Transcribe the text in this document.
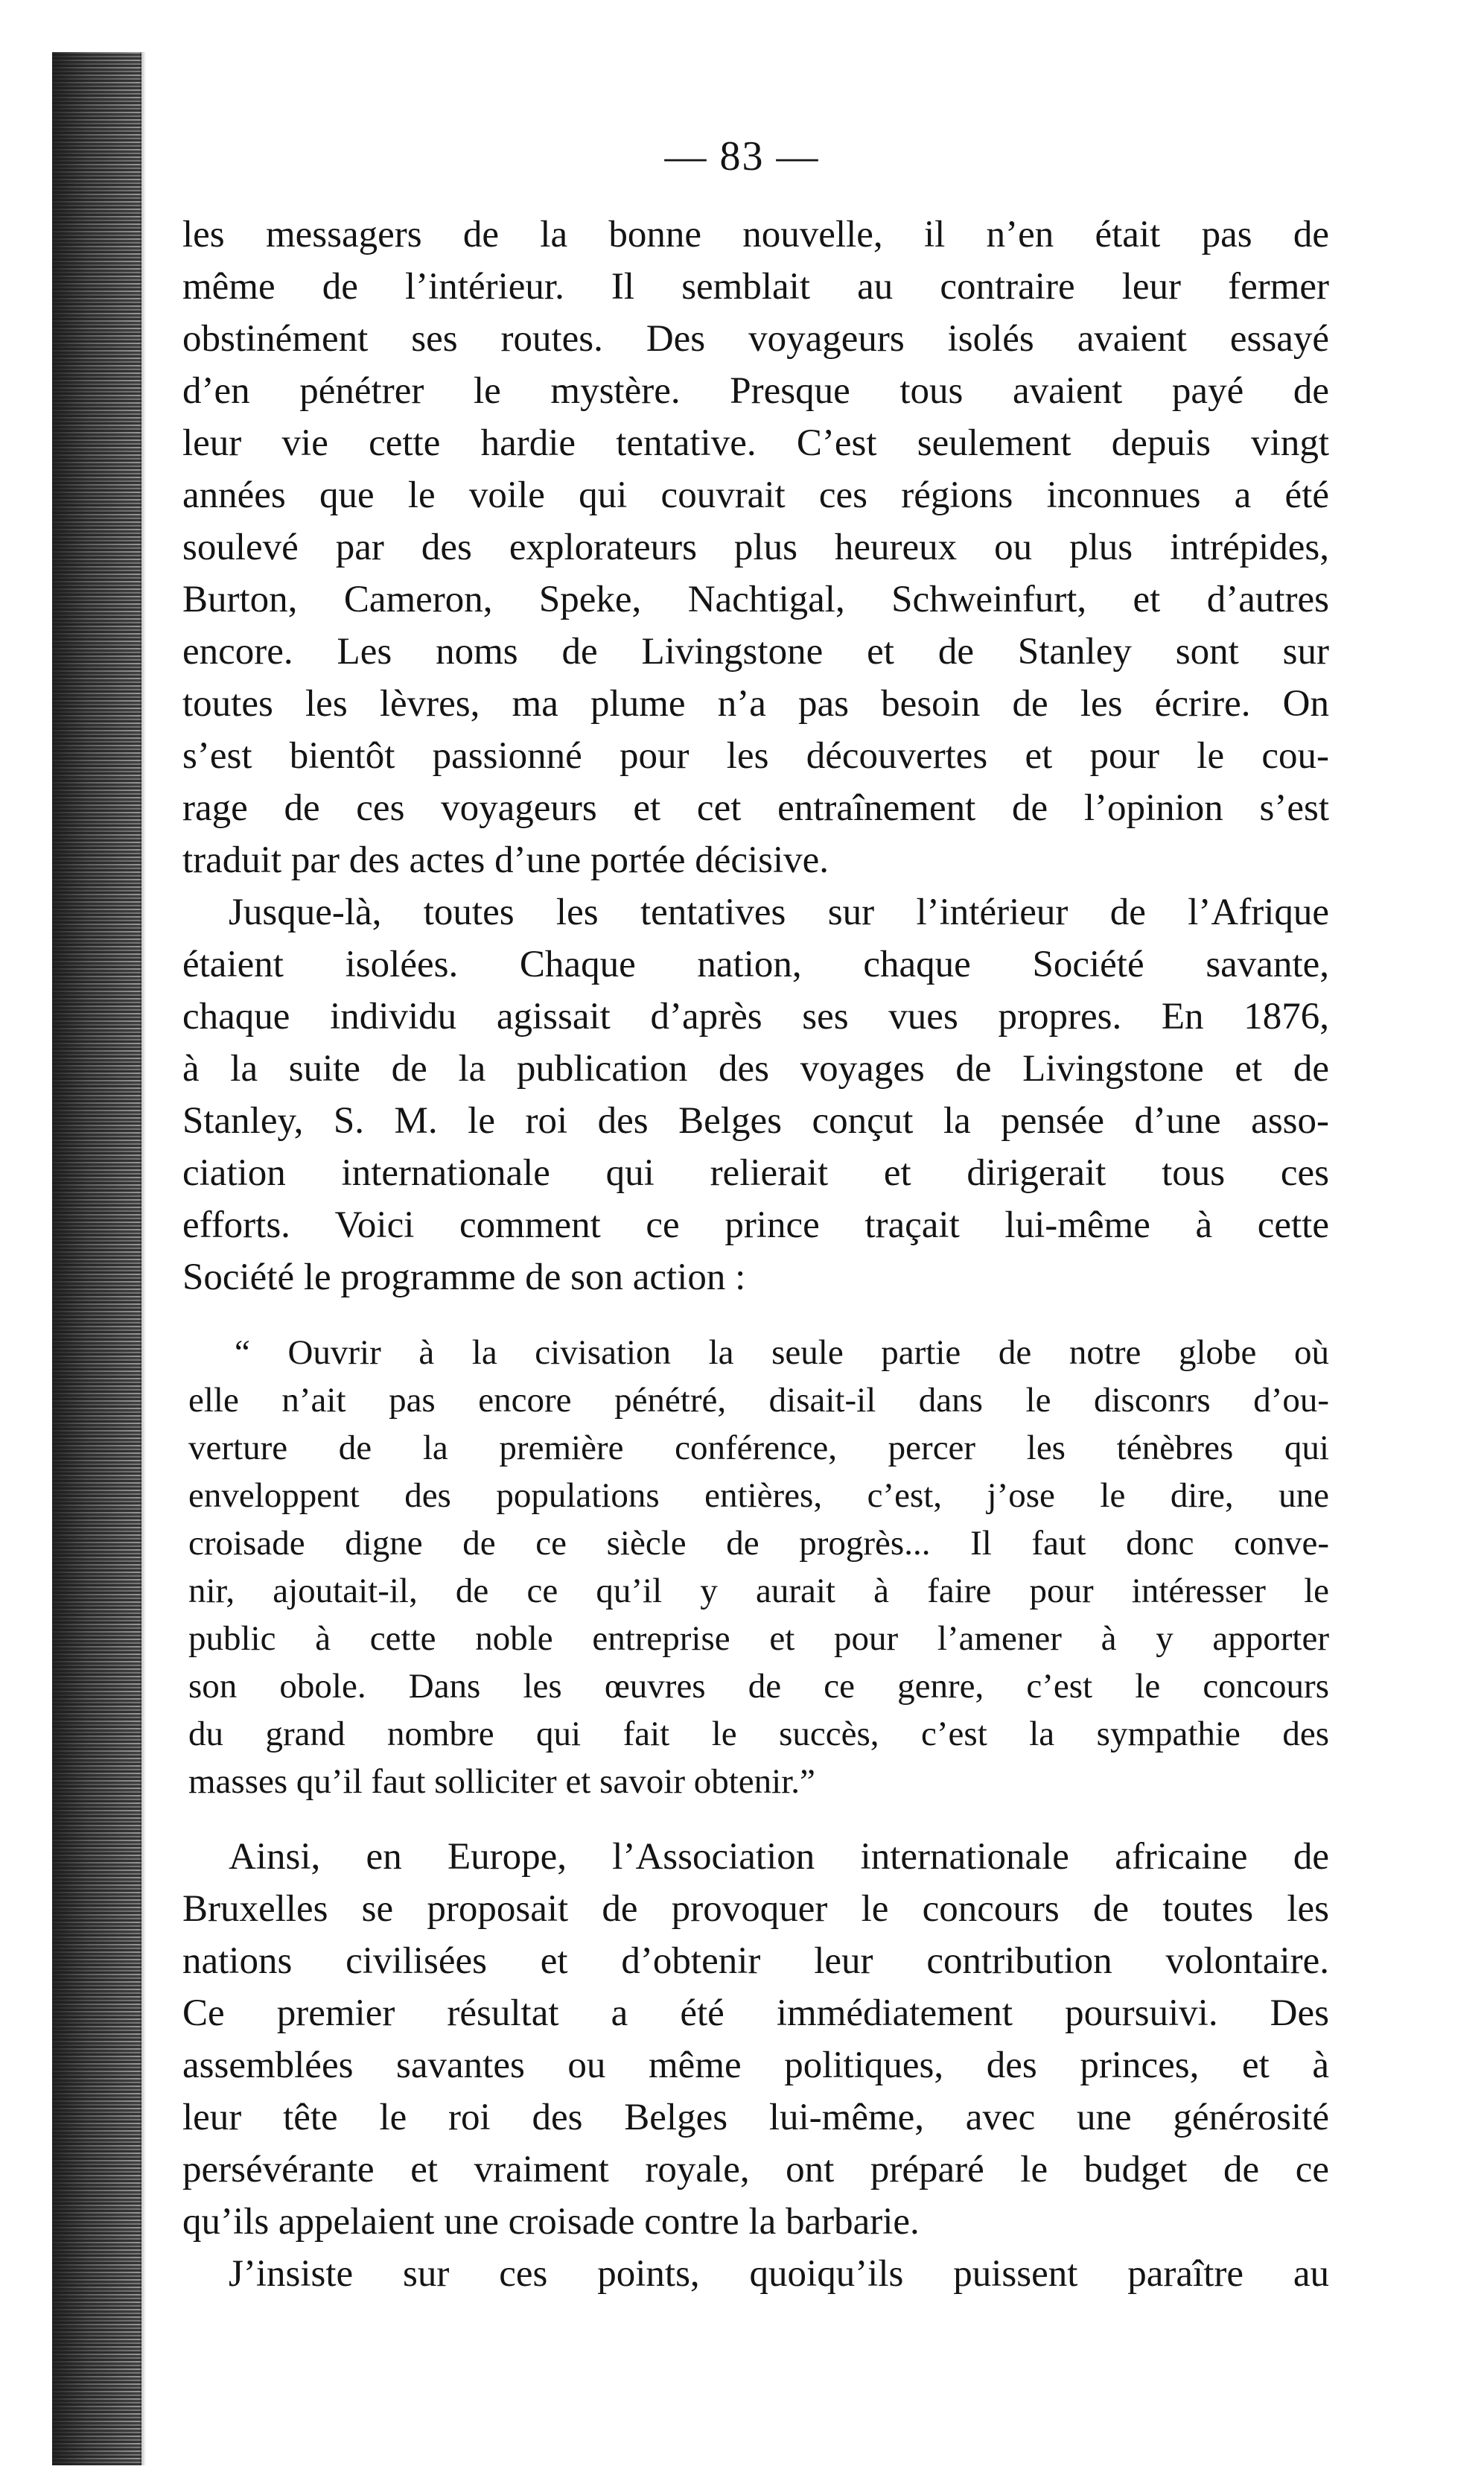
— 83 —
les messagers de la bonne nouvelle, il n’en était pas de
même de l’intérieur. Il semblait au contraire leur fermer
obstinément ses routes. Des voyageurs isolés avaient essayé
d’en pénétrer le mystère. Presque tous avaient payé de
leur vie cette hardie tentative. C’est seulement depuis vingt
années que le voile qui couvrait ces régions inconnues a été
soulevé par des explorateurs plus heureux ou plus intrépides,
Burton, Cameron, Speke, Nachtigal, Schweinfurt, et d’autres
encore. Les noms de Livingstone et de Stanley sont sur
toutes les lèvres, ma plume n’a pas besoin de les écrire. On
s’est bientôt passionné pour les découvertes et pour le cou-
rage de ces voyageurs et cet entraînement de l’opinion s’est
traduit par des actes d’une portée décisive.
Jusque-là, toutes les tentatives sur l’intérieur de l’Afrique
étaient isolées. Chaque nation, chaque Société savante,
chaque individu agissait d’après ses vues propres. En 1876,
à la suite de la publication des voyages de Livingstone et de
Stanley, S. M. le roi des Belges conçut la pensée d’une asso-
ciation internationale qui relierait et dirigerait tous ces
efforts. Voici comment ce prince traçait lui-même à cette
Société le programme de son action :
“ Ouvrir à la civisation la seule partie de notre globe où
elle n’ait pas encore pénétré, disait-il dans le disconrs d’ou-
verture de la première conférence, percer les ténèbres qui
enveloppent des populations entières, c’est, j’ose le dire, une
croisade digne de ce siècle de progrès... Il faut donc conve-
nir, ajoutait-il, de ce qu’il y aurait à faire pour intéresser le
public à cette noble entreprise et pour l’amener à y apporter
son obole. Dans les œuvres de ce genre, c’est le concours
du grand nombre qui fait le succès, c’est la sympathie des
masses qu’il faut solliciter et savoir obtenir.”
Ainsi, en Europe, l’Association internationale africaine de
Bruxelles se proposait de provoquer le concours de toutes les
nations civilisées et d’obtenir leur contribution volontaire.
Ce premier résultat a été immédiatement poursuivi. Des
assemblées savantes ou même politiques, des princes, et à
leur tête le roi des Belges lui-même, avec une générosité
persévérante et vraiment royale, ont préparé le budget de ce
qu’ils appelaient une croisade contre la barbarie.
J’insiste sur ces points, quoiqu’ils puissent paraître au
